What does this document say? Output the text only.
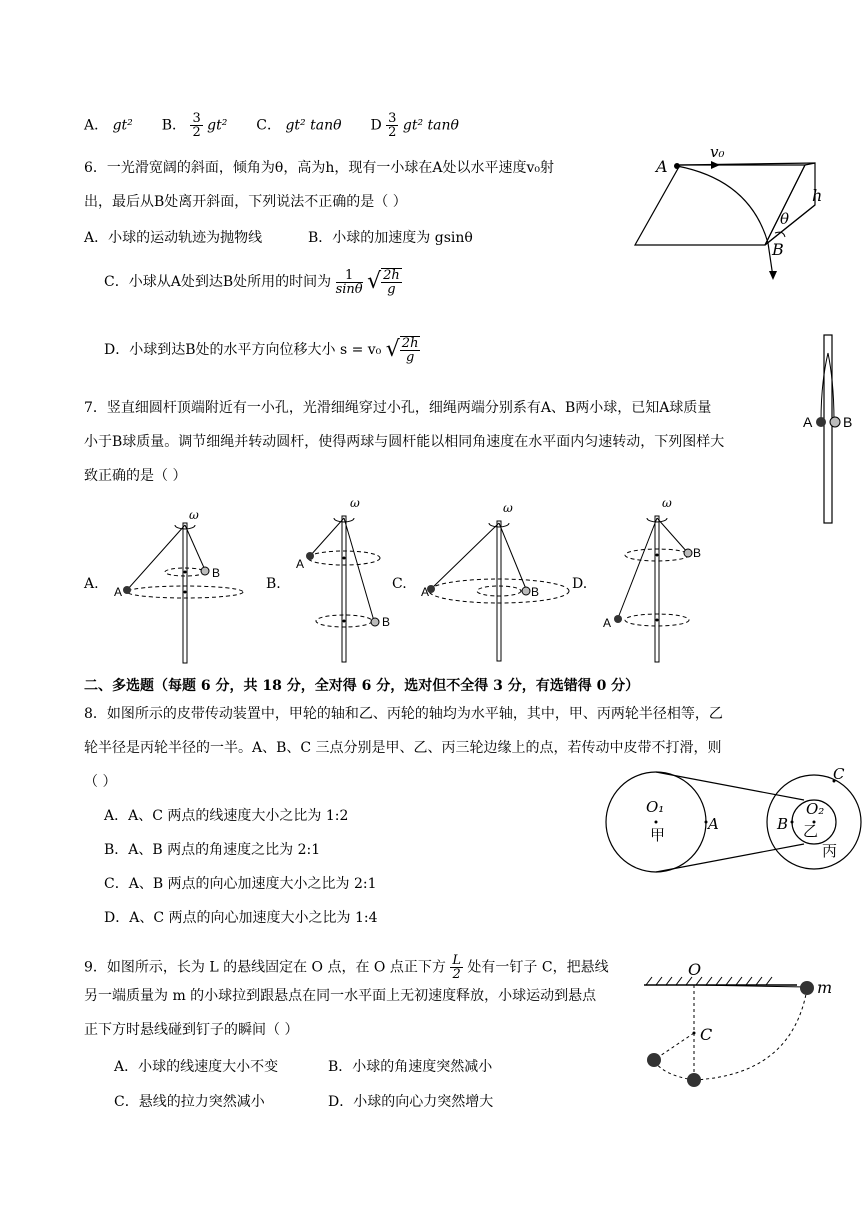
A． gt² B． $\frac{3}{2} gt^2$ C． gt² tanθ D $\frac{3}{2} gt^2$ tanθ
6．一光滑宽阔的斜面，倾角为θ，高为h，现有一小球在A处以水平速度v₀射
出，最后从B处离开斜面，下列说法不正确的是（ ）
A．小球的运动轨迹为抛物线	B．小球的加速度为 gsinθ
C．小球从A处到达B处所用的时间为 $\frac{1}{\sin\theta}$ √ $\frac{2h}{g}$
D．小球到达B处的水平方向位移大小 s = v₀ √ $\frac{2h}{g}$
A
v₀
h
θ
B
A B
7．竖直细圆杆顶端附近有一小孔，光滑细绳穿过小孔，细绳两端分别系有A、B两小球，已知A球质量
小于B球质量。调节细绳并转动圆杆，使得两球与圆杆能以相同角速度在水平面内匀速转动，下列图样大
致正确的是（ ）
A.
ω
A
B
B.
ω
A
B
C.
ω
A	B D.
ω
A
B
二、多选题（每题 6 分，共 18 分，全对得 6 分，选对但不全得 3 分，有选错得 0 分）
8．如图所示的皮带传动装置中，甲轮的轴和乙、丙轮的轴均为水平轴，其中，甲、丙两轮半径相等，乙
轮半径是丙轮半径的一半。A、B、C 三点分别是甲、乙、丙三轮边缘上的点，若传动中皮带不打滑，则
（ ）
A．A、C 两点的线速度大小之比为 1:2
B．A、B 两点的角速度之比为 2:1
C．A、B 两点的向心加速度大小之比为 2:1
D．A、C 两点的向心加速度大小之比为 1:4
O₁
甲
A	B
O₂
乙
丙
C
9．如图所示，长为 L 的悬线固定在 O 点，在 O 点正下方 $\frac{L}{2}$ 处有一钉子 C，把悬线
另一端质量为 m 的小球拉到跟悬点在同一水平面上无初速度释放，小球运动到悬点
正下方时悬线碰到钉子的瞬间（ ）
A．小球的线速度大小不变	B．小球的角速度突然减小
C．悬线的拉力突然减小	D．小球的向心力突然增大
O
m
C
